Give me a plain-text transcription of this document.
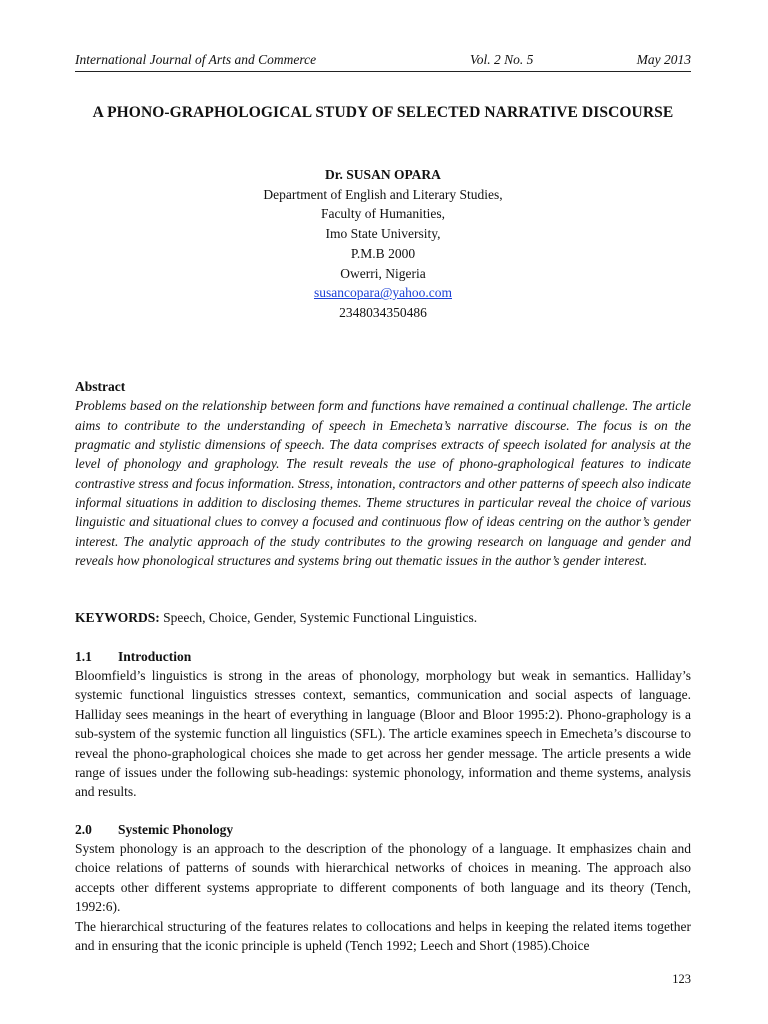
International Journal of Arts and Commerce	Vol. 2 No. 5	May 2013
A PHONO-GRAPHOLOGICAL STUDY OF SELECTED NARRATIVE DISCOURSE
Dr. SUSAN OPARA
Department of English and Literary Studies,
Faculty of Humanities,
Imo State University,
P.M.B 2000
Owerri, Nigeria
susancopara@yahoo.com
2348034350486
Abstract
Problems based on the relationship between form and functions have remained a continual challenge. The article aims to contribute to the understanding of speech in Emecheta’s narrative discourse. The focus is on the pragmatic and stylistic dimensions of speech. The data comprises extracts of speech isolated for analysis at the level of phonology and graphology. The result reveals the use of phono-graphological features to indicate contrastive stress and focus information. Stress, intonation, contractors and other patterns of speech also indicate informal situations in addition to disclosing themes. Theme structures in particular reveal the choice of various linguistic and situational clues to convey a focused and continuous flow of ideas centring on the author’s gender interest. The analytic approach of the study contributes to the growing research on language and gender and reveals how phonological structures and systems bring out thematic issues in the author’s gender interest.
KEYWORDS: Speech, Choice, Gender, Systemic Functional Linguistics.
1.1 Introduction
Bloomfield’s linguistics is strong in the areas of phonology, morphology but weak in semantics. Halliday’s systemic functional linguistics stresses context, semantics, communication and social aspects of language. Halliday sees meanings in the heart of everything in language (Bloor and Bloor 1995:2). Phono-graphology is a sub-system of the systemic function all linguistics (SFL). The article examines speech in Emecheta’s discourse to reveal the phono-graphological choices she made to get across her gender message. The article presents a wide range of issues under the following sub-headings: systemic phonology, information and theme systems, analysis and results.
2.0 Systemic Phonology
System phonology is an approach to the description of the phonology of a language. It emphasizes chain and choice relations of patterns of sounds with hierarchical networks of choices in meaning. The approach also accepts other different systems appropriate to different components of both language and its theory (Tench, 1992:6).
The hierarchical structuring of the features relates to collocations and helps in keeping the related items together and in ensuring that the iconic principle is upheld (Tench 1992; Leech and Short (1985).Choice
123
